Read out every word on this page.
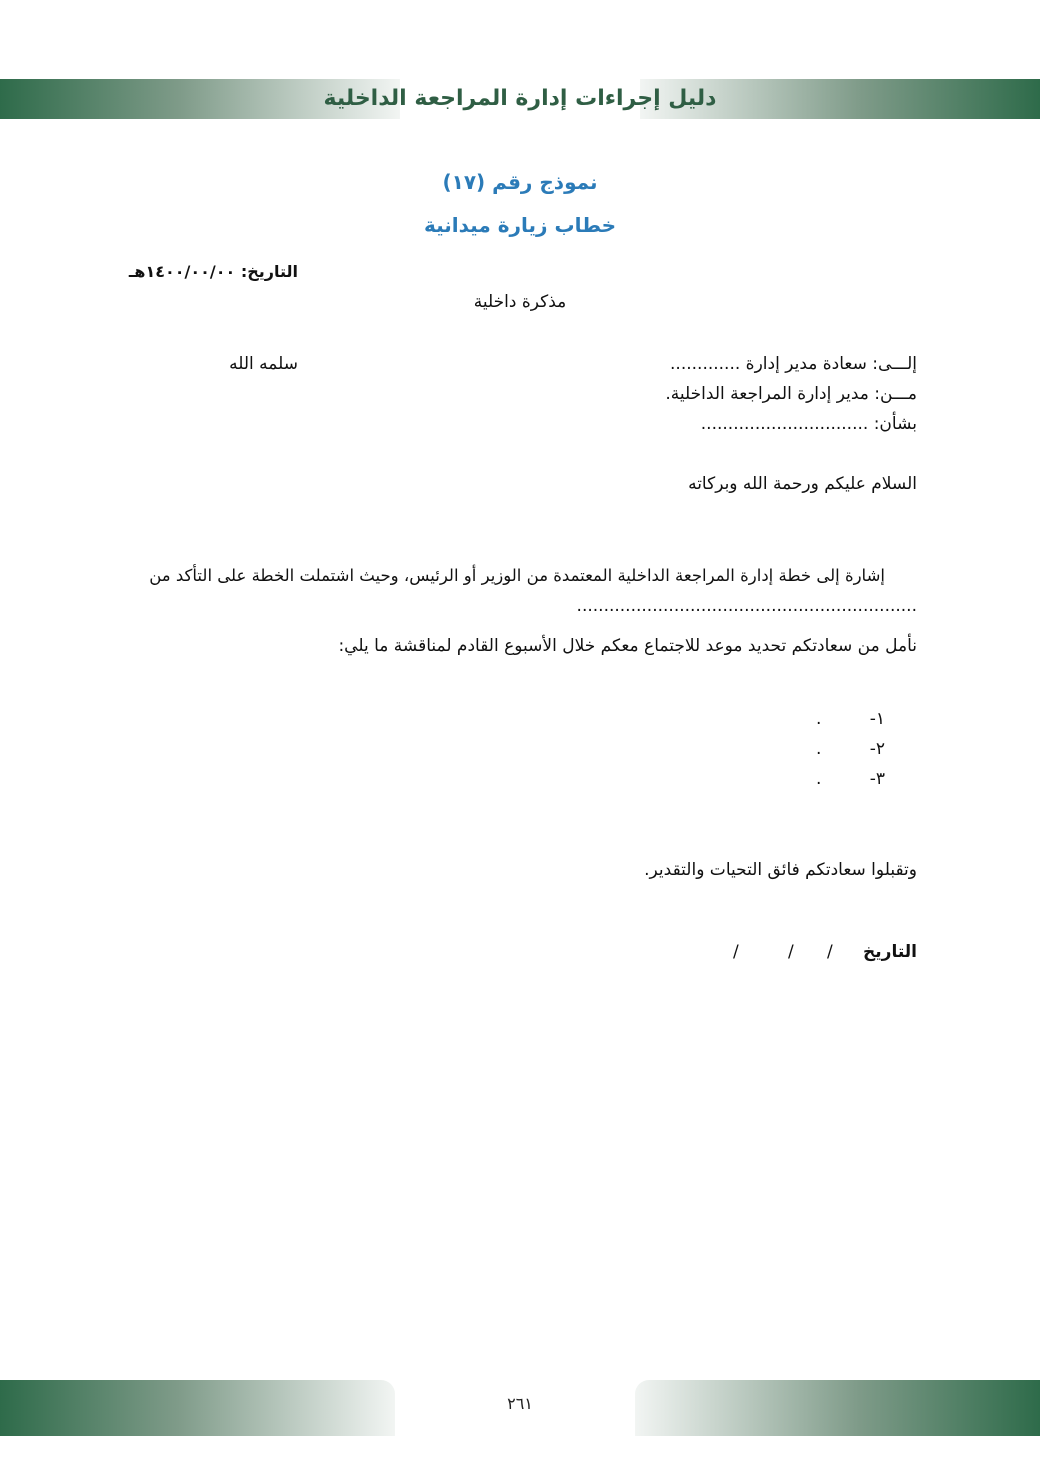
دليل إجراءات إدارة المراجعة الداخلية
نموذج رقم (١٧)
خطاب زيارة ميدانية
التاريخ: ١٤٠٠/٠٠/٠٠هـ
مذكرة داخلية
إلـــى: سعادة مدير إدارة .............
سلمه الله
مـــن: مدير إدارة المراجعة الداخلية.
بشأن: ...............................
السلام عليكم ورحمة الله وبركاته
إشارة إلى خطة إدارة المراجعة الداخلية المعتمدة من الوزير أو الرئيس، وحيث اشتملت الخطة على التأكد من
...............................................................
نأمل من سعادتكم تحديد موعد للاجتماع معكم خلال الأسبوع القادم لمناقشة ما يلي:
١-
.
٢-
.
٣-
.
وتقبلوا سعادتكم فائق التحيات والتقدير.
التاريخ
/
/
/
٢٦١
